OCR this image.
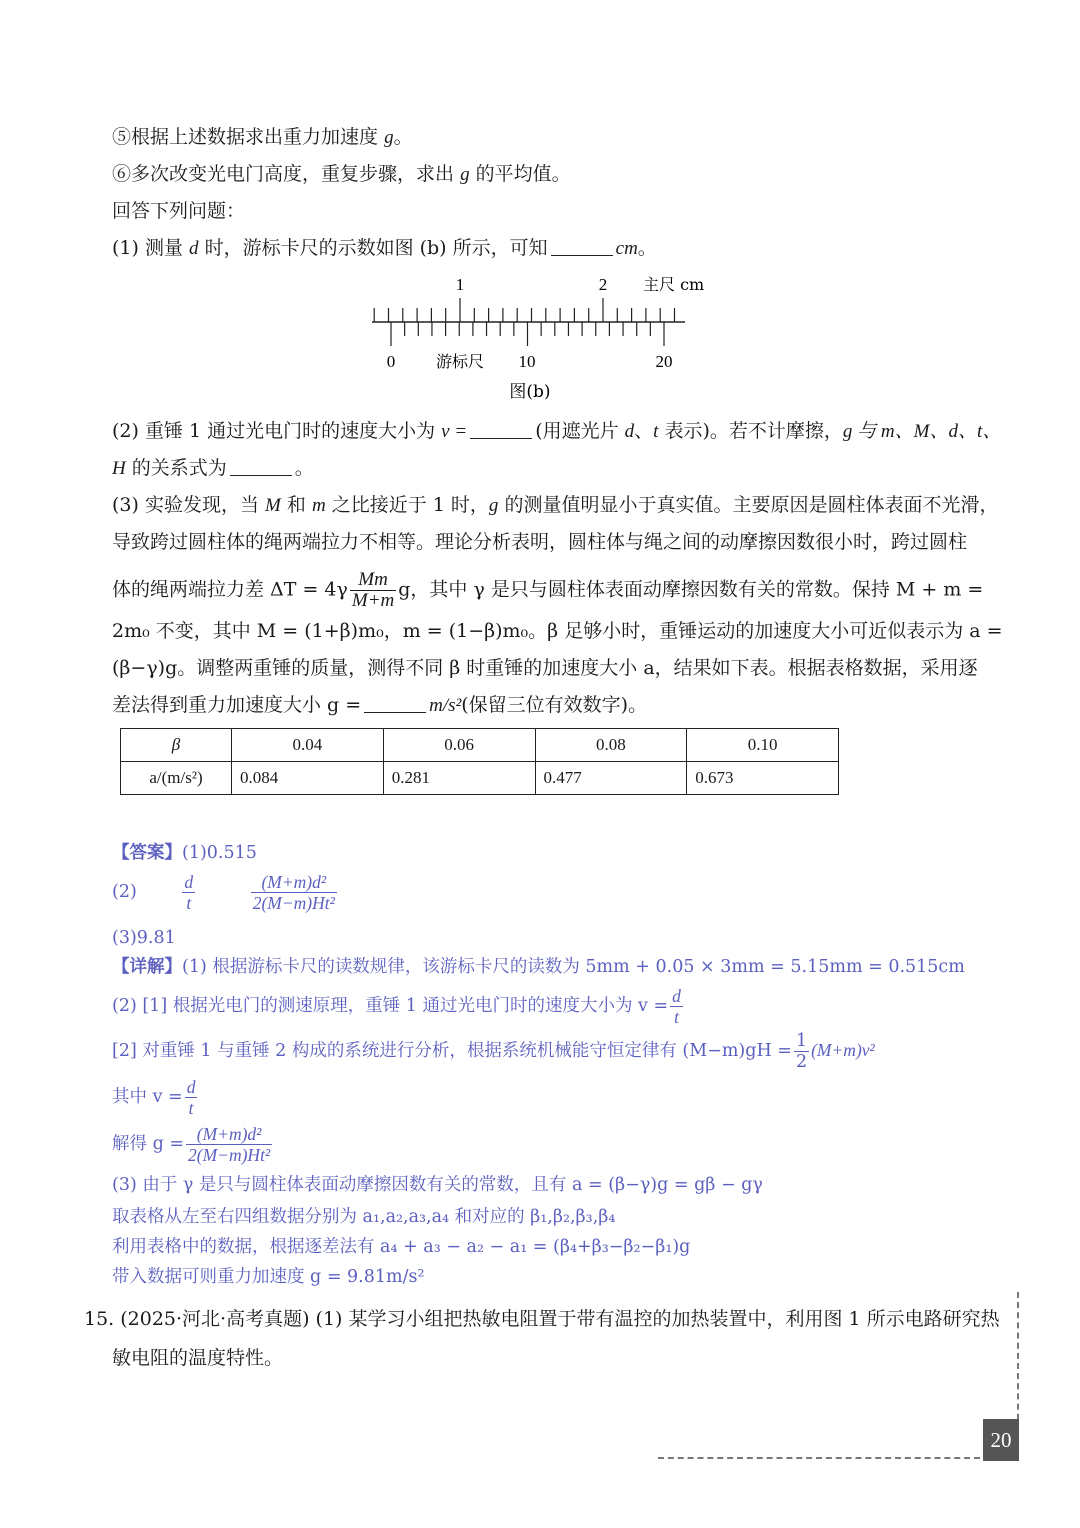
⑤根据上述数据求出重力加速度 g。
⑥多次改变光电门高度，重复步骤，求出 g 的平均值。
回答下列问题：
(1) 测量 d 时，游标卡尺的示数如图 (b) 所示，可知	cm。
1	2 主尺 cm
0	游标尺 10	20
图(b)
(2) 重锤 1 通过光电门时的速度大小为 v =	(用遮光片 d、t 表示)。若不计摩擦，g 与 m、M、d、t、
H 的关系式为	。
(3) 实验发现，当 M 和 m 之比接近于 1 时，g 的测量值明显小于真实值。主要原因是圆柱体表面不光滑，
导致跨过圆柱体的绳两端拉力不相等。理论分析表明，圆柱体与绳之间的动摩擦因数很小时，跨过圆柱
体的绳两端拉力差 $\Delta T = 4\gamma \frac{Mm}{M+m}$ g，其中 γ 是只与圆柱体表面动摩擦因数有关的常数。保持 M + m =
2m₀ 不变，其中 M = (1+β)m₀，m = (1−β)m₀。β 足够小时，重锤运动的加速度大小可近似表示为 a =
(β−γ)g。调整两重锤的质量，测得不同 β 时重锤的加速度大小 a，结果如下表。根据表格数据，采用逐
差法得到重力加速度大小 g =	m/s²(保留三位有效数字)。
β	0.04	0.06	0.08	0.10
a/(m/s²)	0.084	0.281	0.477	0.673
【答案】(1)0.515
(2)	$\frac{d}{t}$
	$\frac{\text{(M+m)d²}}{\text{2(M−m)Ht²}}$
(3)9.81
【详解】(1) 根据游标卡尺的读数规律，该游标卡尺的读数为 5mm + 0.05 × 3mm = 5.15mm = 0.515cm
(2) [1] 根据光电门的测速原理，重锤 1 通过光电门时的速度大小为 $v = \frac{d}{t}$
[2] 对重锤 1 与重锤 2 构成的系统进行分析，根据系统机械能守恒定律有 $(M-m)gH = \frac{1}{2} (M+m)v^2$
其中 $v = \frac{d}{t}$
解得 $g = \frac{\text{(M+m)d²}}{\text{2(M−m)Ht²}}$
(3) 由于 γ 是只与圆柱体表面动摩擦因数有关的常数，且有 a = (β−γ)g = gβ − gγ
取表格从左至右四组数据分别为 a₁,a₂,a₃,a₄ 和对应的 β₁,β₂,β₃,β₄
利用表格中的数据，根据逐差法有 a₄ + a₃ − a₂ − a₁ = (β₄+β₃−β₂−β₁)g
带入数据可则重力加速度 g = 9.81m/s²
15. (2025·河北·高考真题) (1) 某学习小组把热敏电阻置于带有温控的加热装置中，利用图 1 所示电路研究热
敏电阻的温度特性。
20
